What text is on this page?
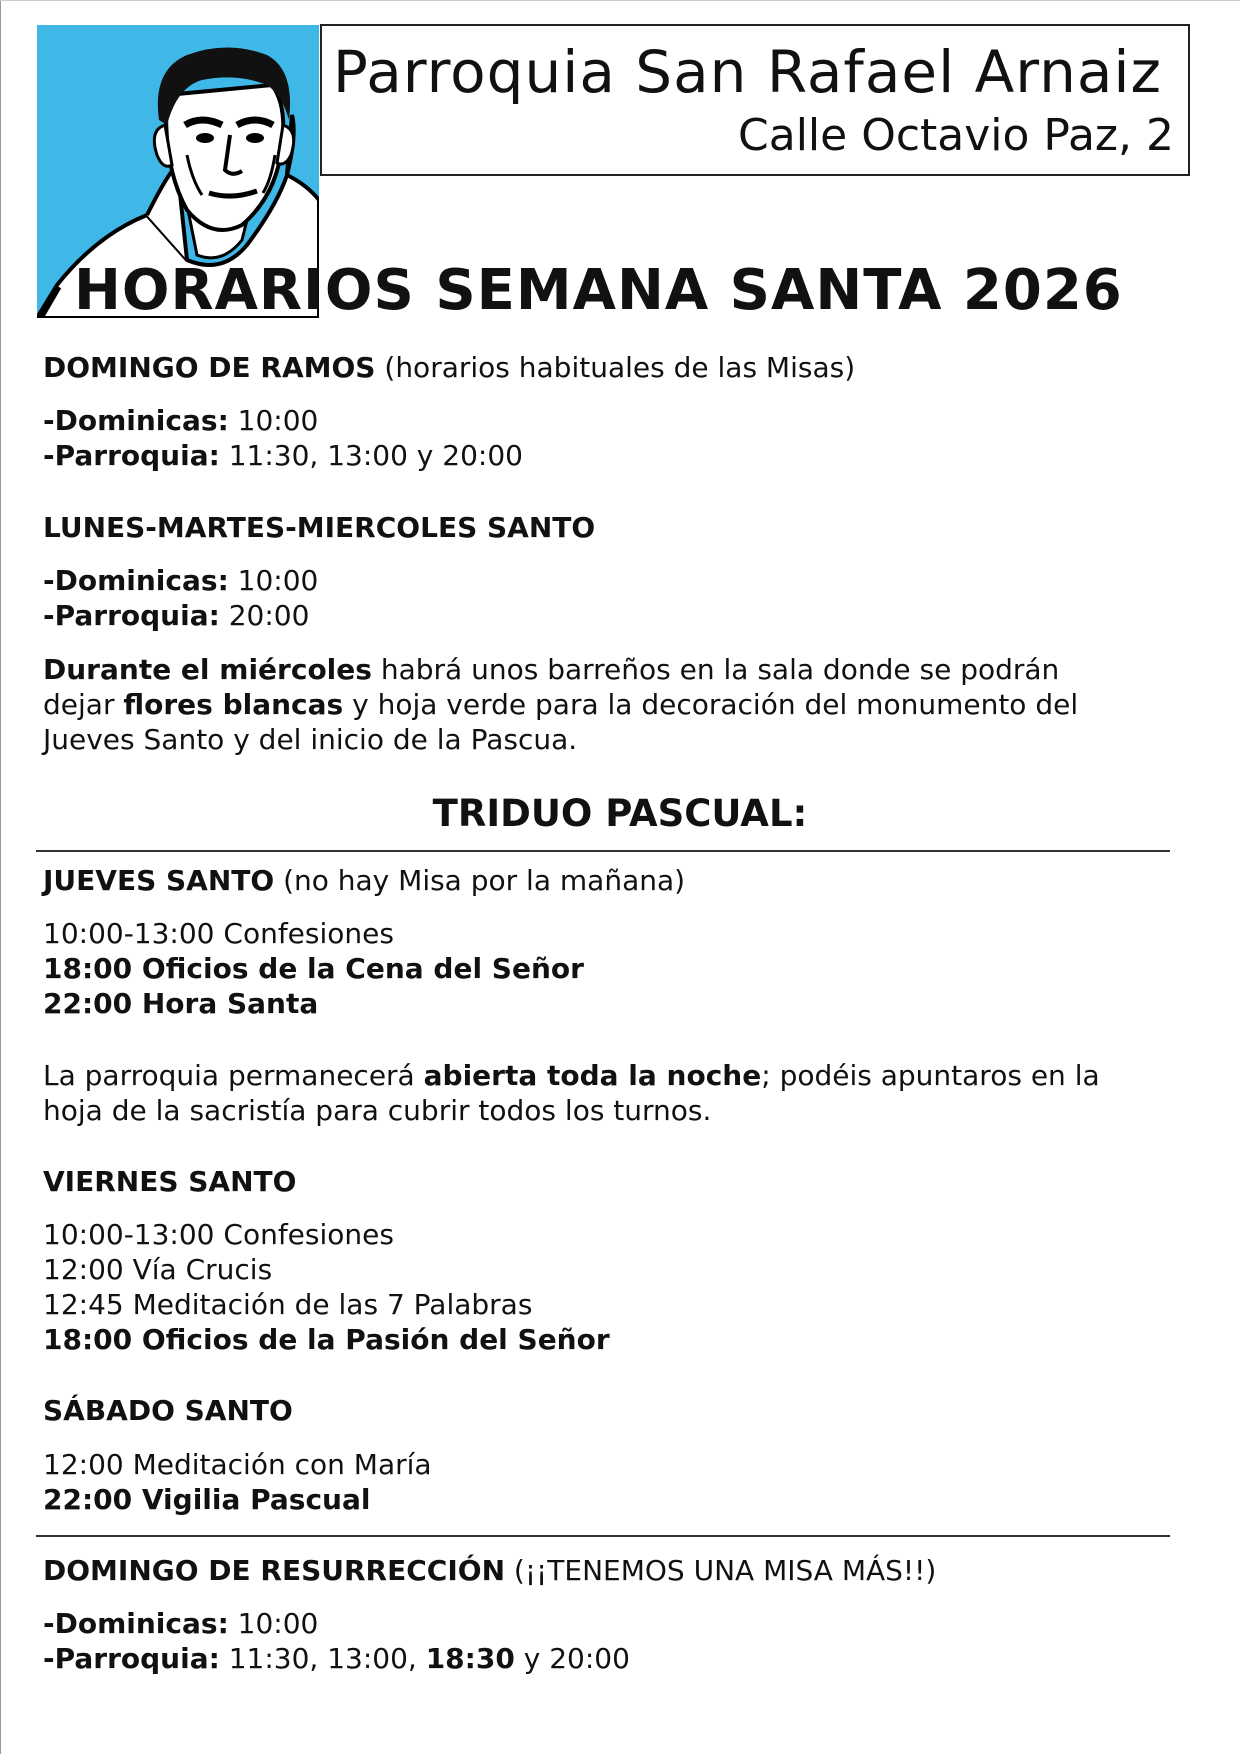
Parroquia San Rafael Arnaiz
Calle Octavio Paz, 2
HORARIOS SEMANA SANTA 2026
DOMINGO DE RAMOS (horarios habituales de las Misas)
-Dominicas: 10:00
-Parroquia: 11:30, 13:00 y 20:00
LUNES-MARTES-MIERCOLES SANTO
-Dominicas: 10:00
-Parroquia: 20:00
Durante el miércoles habrá unos barreños en la sala donde se podrán
dejar flores blancas y hoja verde para la decoración del monumento del
Jueves Santo y del inicio de la Pascua.
TRIDUO PASCUAL:
JUEVES SANTO (no hay Misa por la mañana)
10:00-13:00 Confesiones
18:00 Oficios de la Cena del Señor
22:00 Hora Santa
La parroquia permanecerá abierta toda la noche; podéis apuntaros en la
hoja de la sacristía para cubrir todos los turnos.
VIERNES SANTO
10:00-13:00 Confesiones
12:00 Vía Crucis
12:45 Meditación de las 7 Palabras
18:00 Oficios de la Pasión del Señor
SÁBADO SANTO
12:00 Meditación con María
22:00 Vigilia Pascual
DOMINGO DE RESURRECCIÓN (¡¡TENEMOS UNA MISA MÁS!!)
-Dominicas: 10:00
-Parroquia: 11:30, 13:00, 18:30 y 20:00
